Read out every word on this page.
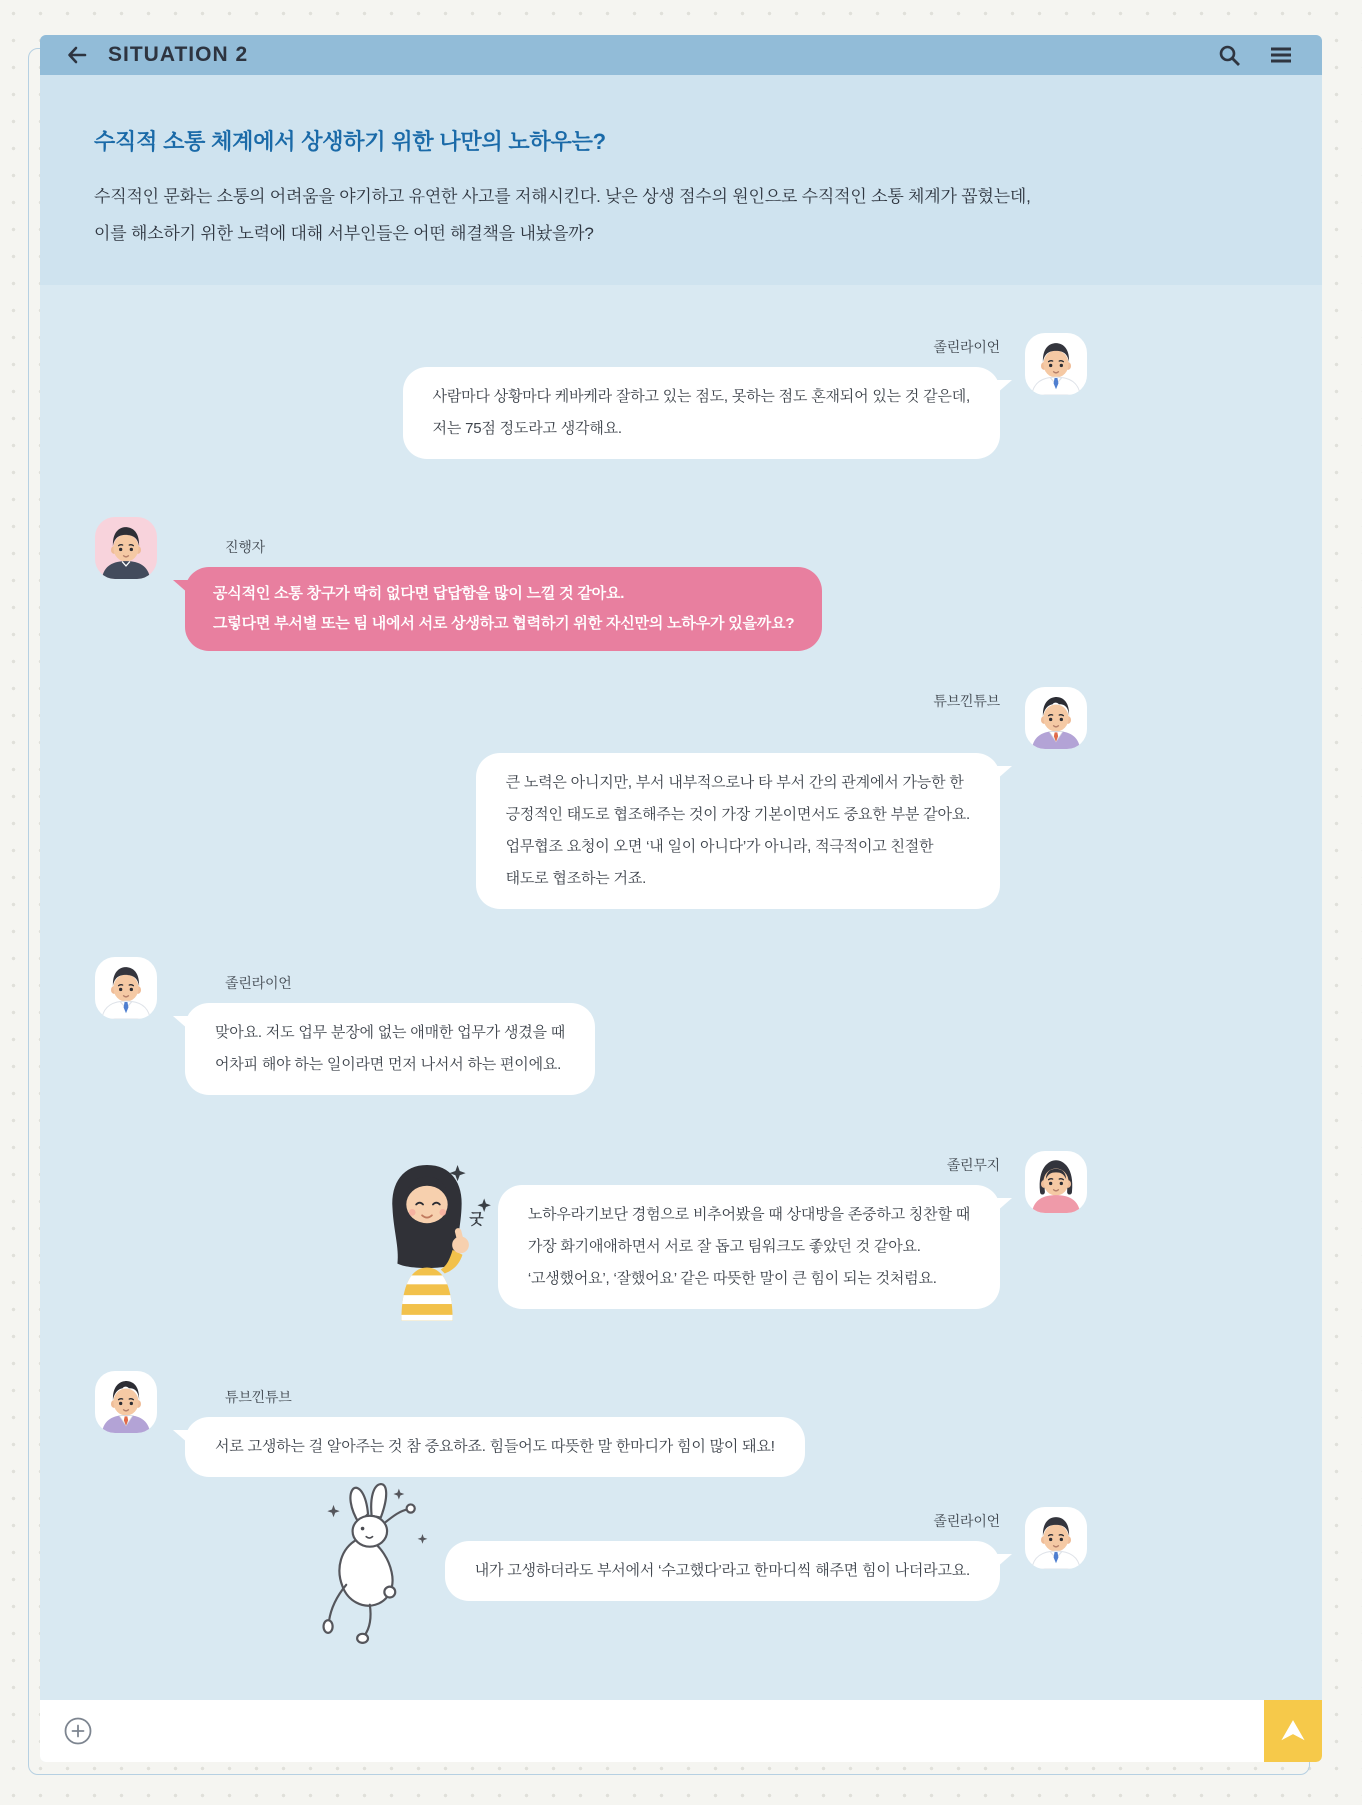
SITUATION 2
수직적 소통 체계에서 상생하기 위한 나만의 노하우는?
수직적인 문화는 소통의 어려움을 야기하고 유연한 사고를 저해시킨다. 낮은 상생 점수의 원인으로 수직적인 소통 체계가 꼽혔는데,
이를 해소하기 위한 노력에 대해 서부인들은 어떤 해결책을 내놨을까?
졸린라이언
사람마다 상황마다 케바케라 잘하고 있는 점도, 못하는 점도 혼재되어 있는 것 같은데,
저는 75점 정도라고 생각해요.
진행자
공식적인 소통 창구가 딱히 없다면 답답함을 많이 느낄 것 같아요.
그렇다면 부서별 또는 팀 내에서 서로 상생하고 협력하기 위한 자신만의 노하우가 있을까요?
튜브낀튜브
큰 노력은 아니지만, 부서 내부적으로나 타 부서 간의 관계에서 가능한 한
긍정적인 태도로 협조해주는 것이 가장 기본이면서도 중요한 부분 같아요.
업무협조 요청이 오면 ‘내 일이 아니다’가 아니라, 적극적이고 친절한
태도로 협조하는 거죠.
졸린라이언
맞아요. 저도 업무 분장에 없는 애매한 업무가 생겼을 때
어차피 해야 하는 일이라면 먼저 나서서 하는 편이에요.
졸린무지
굿	노하우라기보단 경험으로 비추어봤을 때 상대방을 존중하고 칭찬할 때
가장 화기애애하면서 서로 잘 돕고 팀워크도 좋았던 것 같아요.
‘고생했어요’, ‘잘했어요’ 같은 따뜻한 말이 큰 힘이 되는 것처럼요.
튜브낀튜브
서로 고생하는 걸 알아주는 것 참 중요하죠. 힘들어도 따뜻한 말 한마디가 힘이 많이 돼요!
졸린라이언
내가 고생하더라도 부서에서 ‘수고했다’라고 한마디씩 해주면 힘이 나더라고요.
